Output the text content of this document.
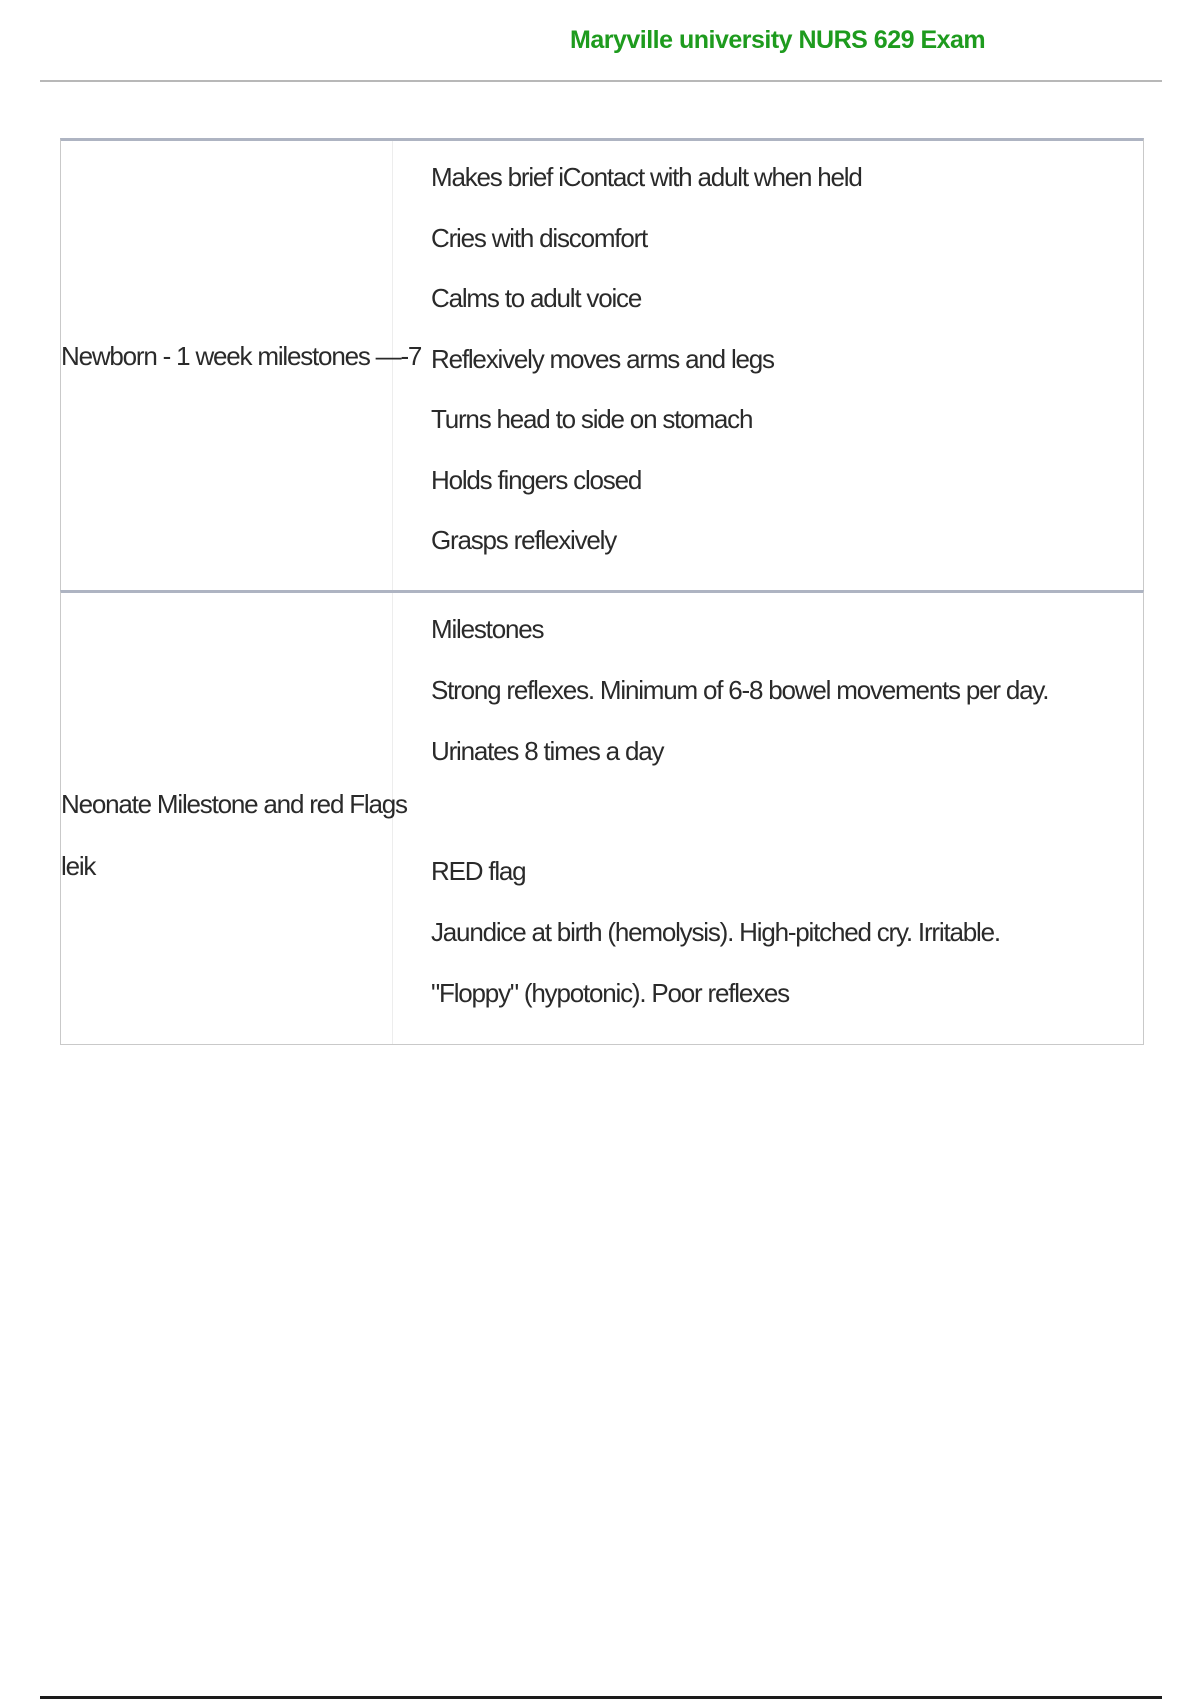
Maryville university NURS 629 Exam
Newborn - 1 week milestones —-7
Makes brief iContact with adult when held
Cries with discomfort
Calms to adult voice
Reflexively moves arms and legs
Turns head to side on stomach
Holds fingers closed
Grasps reflexively
Neonate Milestone and red Flags
leik
Milestones
Strong reflexes. Minimum of 6-8 bowel movements per day. Urinates 8 times a day
RED flag
Jaundice at birth (hemolysis). High-pitched cry. Irritable. "Floppy" (hypotonic). Poor reflexes
